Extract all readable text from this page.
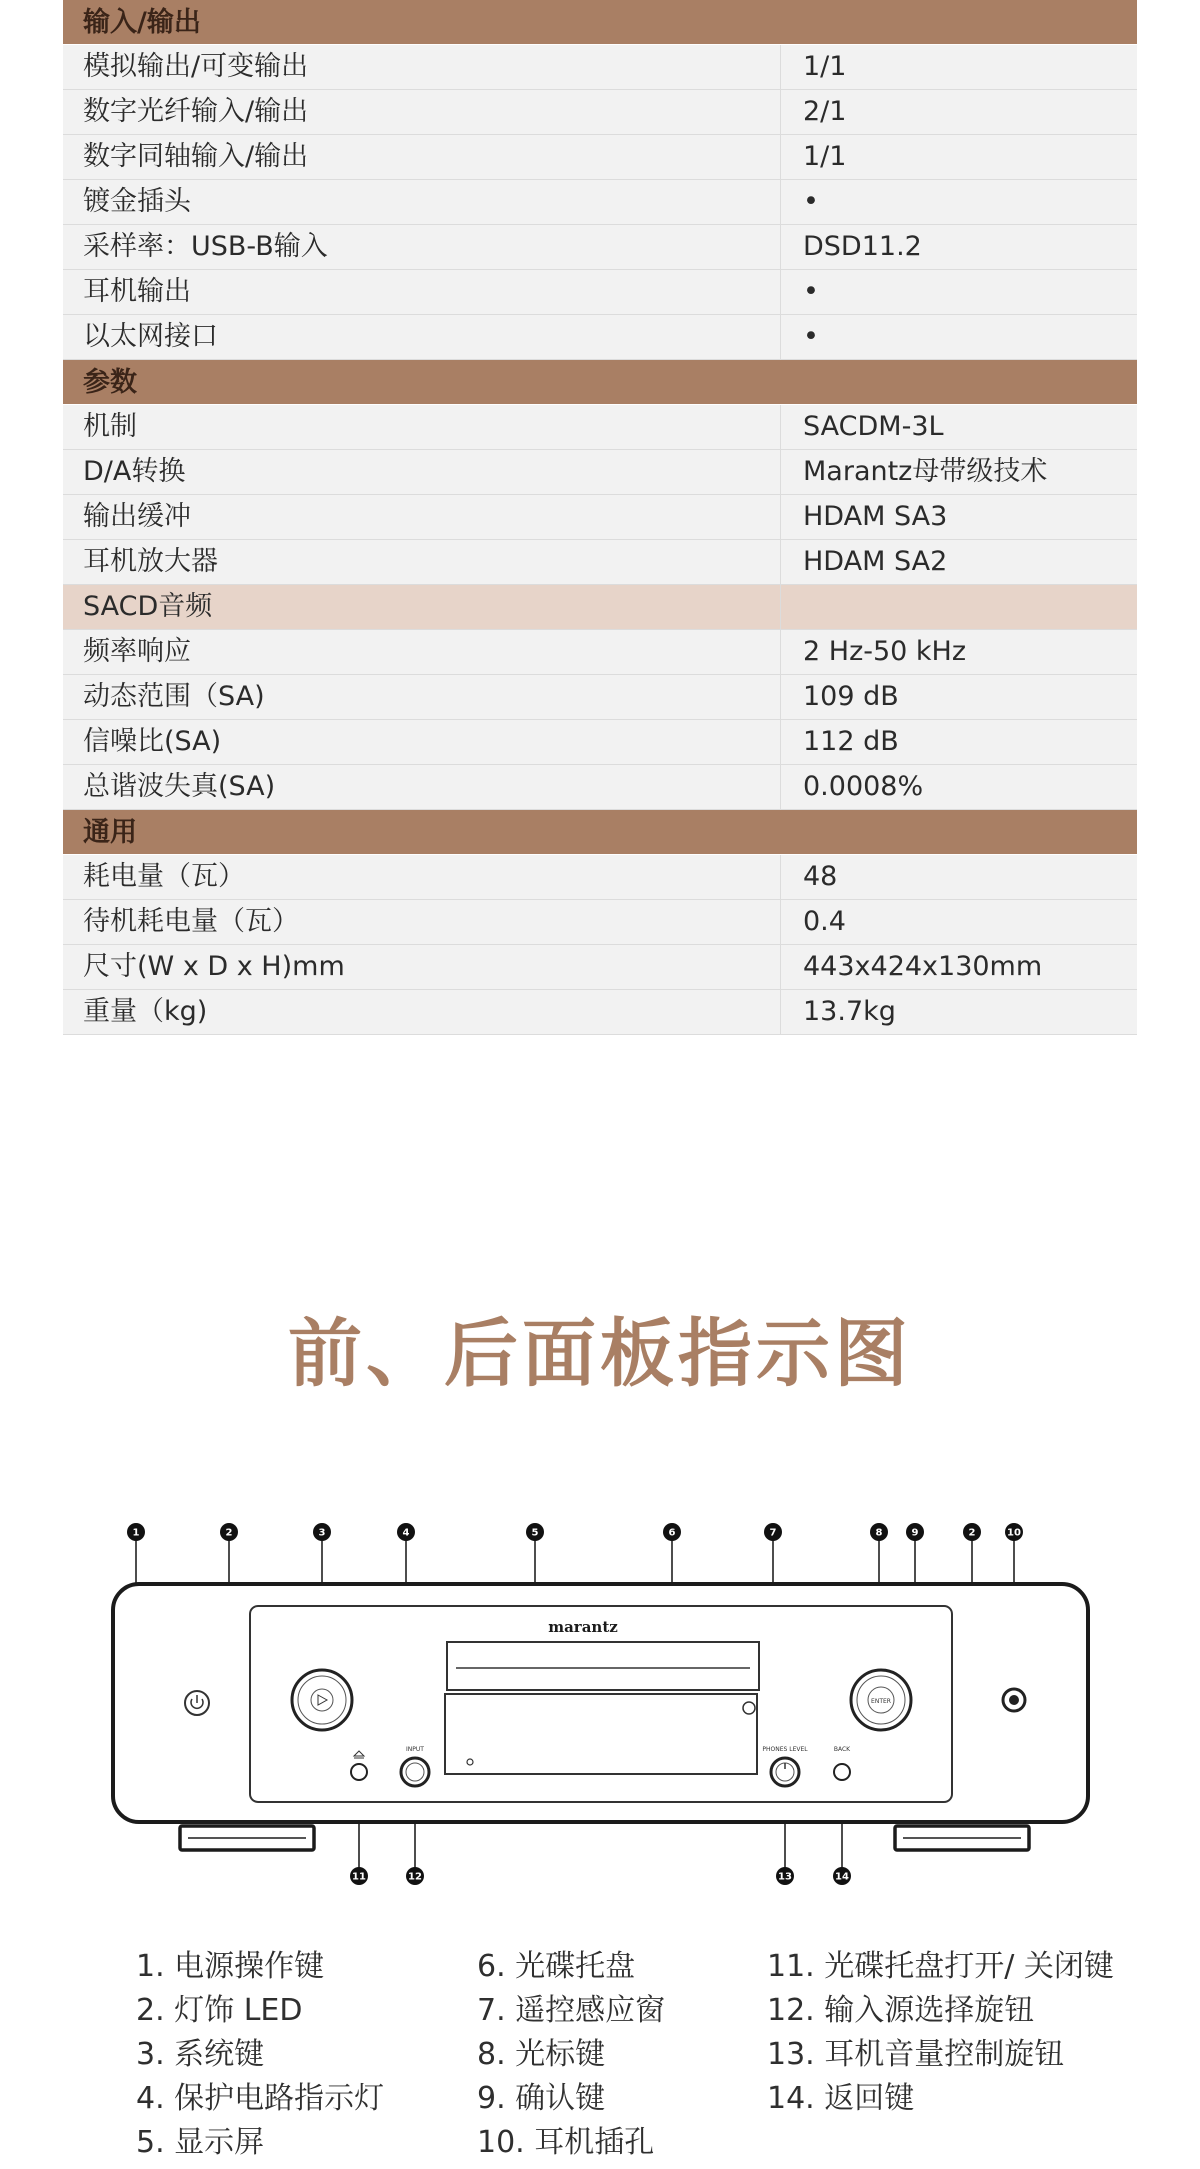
输入/输出
模拟输出/可变输出	1/1
数字光纤输入/输出	2/1
数字同轴输入/输出	1/1
镀金插头	•
采样率：USB-B输入	DSD11.2
耳机输出	•
以太网接口	•
参数
机制	SACDM-3L
D/A转换	Marantz母带级技术
输出缓冲	HDAM SA3
耳机放大器	HDAM SA2
SACD音频
频率响应	2 Hz-50 kHz
动态范围（SA)	109 dB
信噪比(SA)	112 dB
总谐波失真(SA)	0.0008%
通用
耗电量（瓦）	48
待机耗电量（瓦）	0.4
尺寸(W x D x H)mm	443x424x130mm
重量（kg)	13.7kg
前、后面板指示图
marantz
ENTER
INPUT	PHONES LEVEL	BACK
1	2	3	4	5	6	7	8	9	2	10
11	12	13	14
1. 电源操作键
2. 灯饰 LED
3. 系统键
4. 保护电路指示灯
5. 显示屏
6. 光碟托盘
7. 遥控感应窗
8. 光标键
9. 确认键
10. 耳机插孔
11. 光碟托盘打开/ 关闭键
12. 输入源选择旋钮
13. 耳机音量控制旋钮
14. 返回键
